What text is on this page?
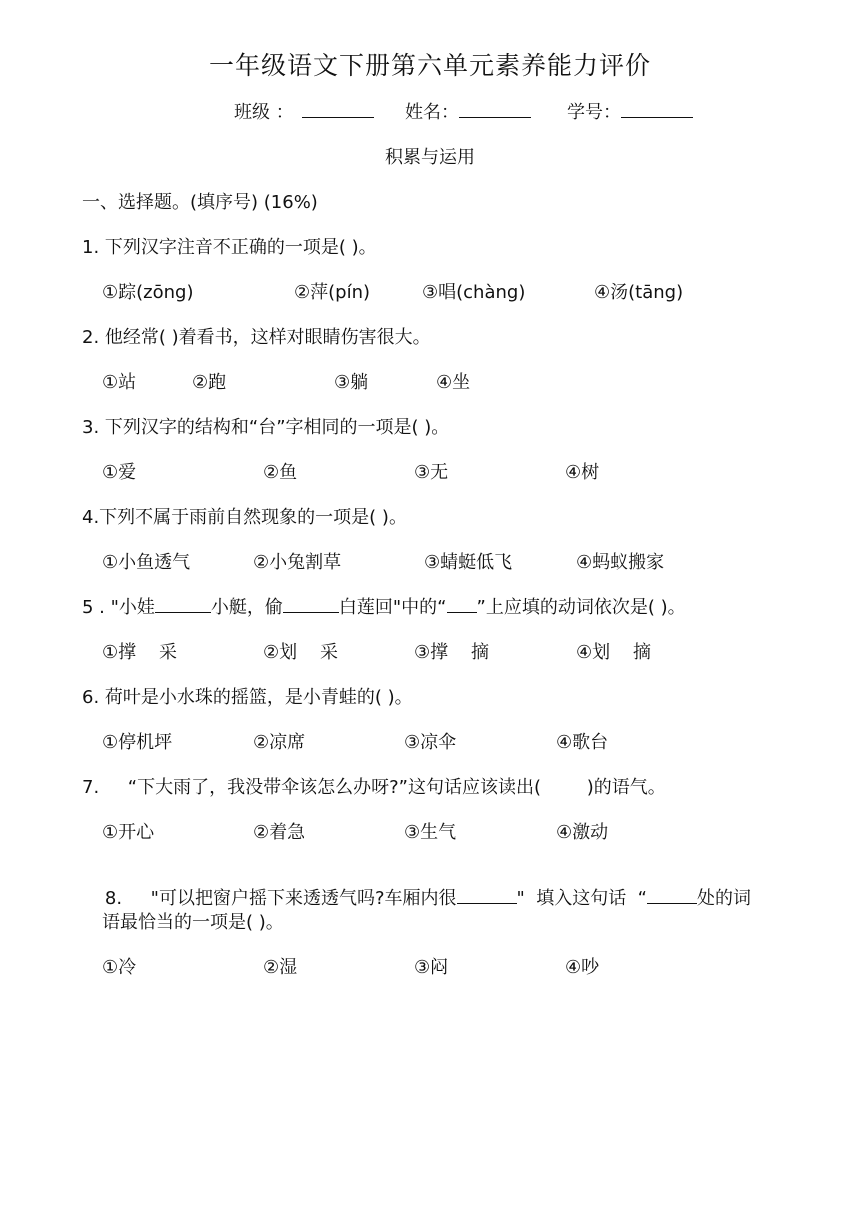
一年级语文下册第六单元素养能力评价
班级 ：	姓名：	学号：
积累与运用
一、选择题。(填序号) (16%)
1. 下列汉字注音不正确的一项是( )。
①踪(zōng)	②萍(pín)	③唱(chàng)	④汤(tāng)
2. 他经常( )着看书，这样对眼睛伤害很大。
①站	②跑	③躺	④坐
3. 下列汉字的结构和“台”字相同的一项是( )。
①爱	②鱼	③无	④树
4.下列不属于雨前自然现象的一项是( )。
①小鱼透气	②小兔割草	③蜻蜓低飞	④蚂蚁搬家
5 . "小娃	小艇，偷	白莲回"中的“ ”上应填的动词依次是( )。
①撑    采	②划    采	③撑    摘	④划    摘
6. 荷叶是小水珠的摇篮，是小青蛙的( )。
①停机坪	②凉席	③凉伞	④歌台
7.     “下大雨了，我没带伞该怎么办呀?”这句话应该读出(        )的语气。
①开心	②着急	③生气	④激动

8.     "可以把窗户摇下来透透气吗?车厢内很	"  填入这句话  “	处的词

语最恰当的一项是( )。
①冷	②湿	③闷	④吵
